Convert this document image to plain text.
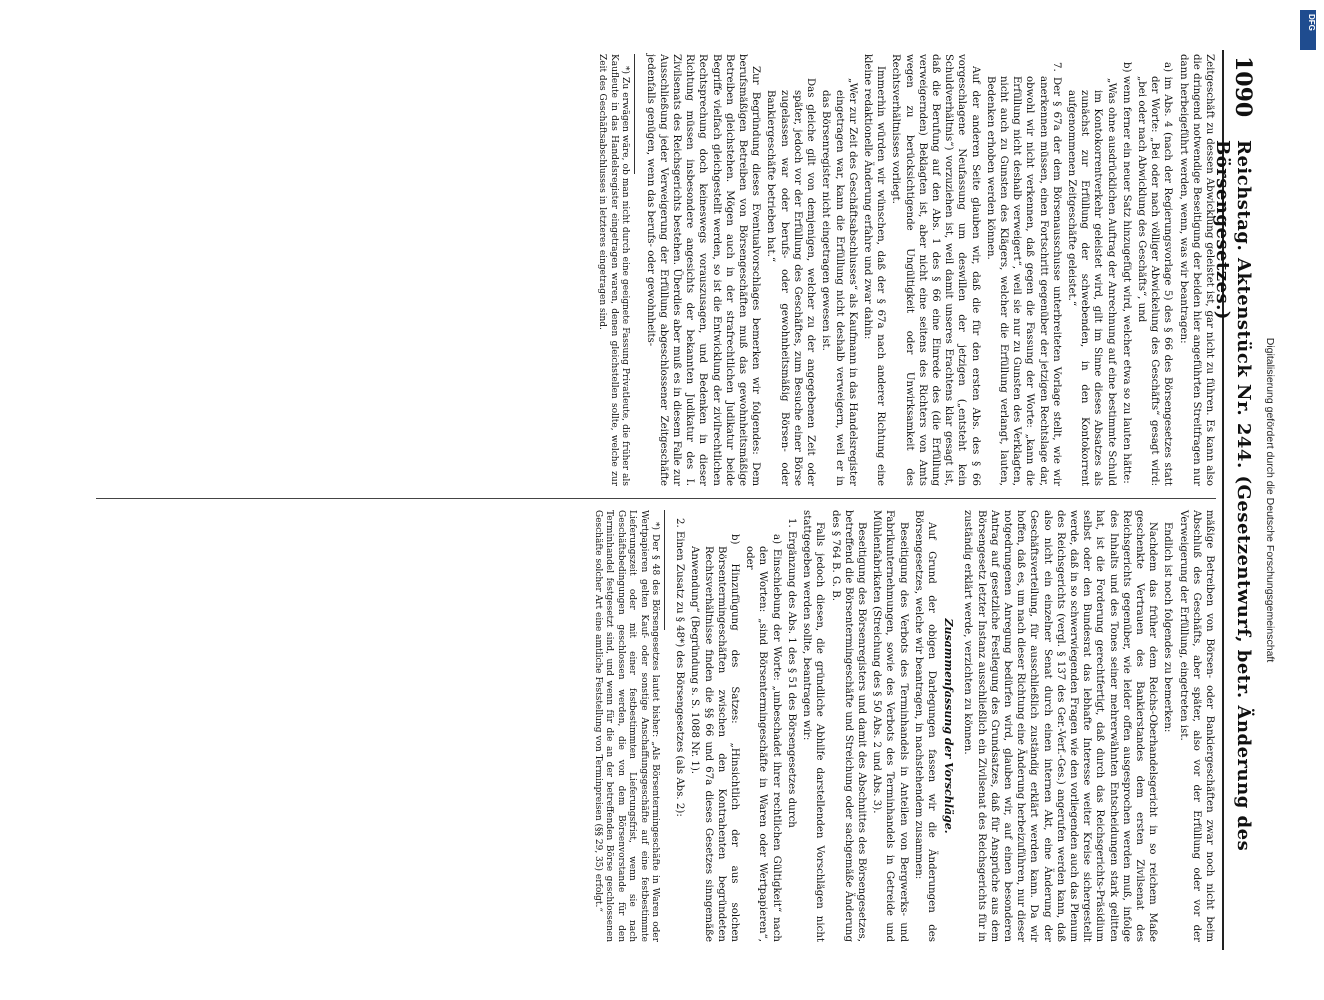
1090
Reichstag. Aktenstück Nr. 244. (Gesetzentwurf, betr. Änderung des Börsengesetzes.)

Zeitgeschäft zu dessen Abwicklung geleistet ist, gar nicht zu führen. Es kann also die dringend notwendige Beseitigung der beiden hier angeführten Streitfragen nur dann herbeigeführt werden, wenn, was wir beantragen:

a) im Abs. 4 (nach der Regierungsvorlage 5) des § 66 des Börsengesetzes statt der Worte: „Bei oder nach völliger Abwickelung des Geschäfts“ gesagt wird: „bei oder nach Abwicklung des Geschäfts“, und

b) wenn ferner ein neuer Satz hinzugefügt wird, welcher etwa so zu lauten hätte:

„Was ohne ausdrücklichen Auftrag der Anrechnung auf eine bestimmte Schuld im Kontokorrentverkehr geleistet wird, gilt im Sinne dieses Absatzes als zunächst zur Erfüllung der schwebenden, in den Kontokorrent aufgenommenen Zeitgeschäfte geleistet.“

7. Der § 67a der dem Börsenausschusse unterbreiteten Vorlage stellt, wie wir anerkennen müssen, einen Fortschritt gegenüber der jetzigen Rechtslage dar, obwohl wir nicht verkennen, daß gegen die Fassung der Worte: „kann die Erfüllung nicht deshalb verweigert“, weil sie nur zu Gunsten des Verklagten, nicht auch zu Gunsten des Klägers, welcher die Erfüllung verlangt, lauten, Bedenken erhoben werden können.

Auf der anderen Seite glauben wir, daß die für den ersten Abs. des § 66 vorgeschlagene Neufassung um deswillen der jetzigen („entsteht kein Schuldverhältnis“) vorzuziehen ist, weil damit unseres Erachtens klar gesagt ist, daß die Berufung auf den Abs. 1 des § 66 eine Einrede des (die Erfüllung verweigernden) Beklagten ist, aber nicht eine seitens des Richters von Amts wegen zu berücksichtigende Ungültigkeit oder Unwirksamkeit des Rechtsverhältnisses vorliegt.

Immerhin würden wir wünschen, daß der § 67a nach anderer Richtung eine kleine redaktionelle Änderung erfahre und zwar dahin:

„Wer zur Zeit des Geschäftsabschlusses“ als Kaufmann in das Handelsregister eingetragen war, kann die Erfüllung nicht deshalb verweigern, weil er in das Börsenregister nicht eingetragen gewesen ist.

Das gleiche gilt von demjenigen, welcher zu der angegebenen Zeit oder später, jedoch vor der Erfüllung des Geschäftes, zum Besuche einer Börse zugelassen war oder berufs- oder gewohnheitsmäßig Börsen- oder Bankiergeschäfte betrieben hat.“

Zur Begründung dieses Eventualvorschlages bemerken wir folgendes: Dem berufsmäßigen Betreiben von Börsengeschäften muß das gewohnheitsmäßige Betreiben gleichstehen. Mögen auch in der strafrechtlichen Judikatur beide Begriffe vielfach gleichgestellt werden, so ist die Entwicklung der zivilrechtlichen Rechtsprechung doch keineswegs vorauszusagen, und Bedenken in dieser Richtung müssen insbesondere angesichts der bekannten Judikatur des I. Zivilsenats des Reichsgerichts bestehen. Überdies aber muß es in diesem Falle zur Ausschließung jeder Verweigerung der Erfüllung abgeschlossener Zeitgeschäfte jedenfalls genügen, wenn das berufs- oder gewohnheits-

*) Zu erwägen wäre, ob man nicht durch eine geeignete Fassung Privatleute, die früher als Kaufleute in das Handelsregister eingetragen waren, denen gleichstellen sollte, welche zur Zeit des Geschäftsabschlusses in letzteres eingetragen sind.

mäßige Betreiben von Börsen- oder Bankiergeschäften zwar noch nicht beim Abschluß des Geschäfts, aber später, also vor der Erfüllung oder vor der Verweigerung der Erfüllung, eingetreten ist.

Endlich ist noch folgendes zu bemerken:

Nachdem das früher dem Reichs-Oberhandelsgericht in so reichem Maße geschenkte Vertrauen des Bankierstandes dem ersten Zivilsenat des Reichsgerichts gegenüber, wie leider offen ausgesprochen werden muß, infolge des Inhalts und des Tones seiner mehrerwähnten Entscheidungen stark gelitten hat, ist die Forderung gerechtfertigt, daß durch das Reichsgerichts-Präsidium selbst oder den Bundesrat das lebhafte Interesse weiter Kreise sichergestellt werde, daß in so schwerwiegenden Fragen wie den vorliegenden auch das Plenum des Reichsgerichts (vergl. § 137 des Ger.-Verf.-Ges.) angerufen werden kann, daß also nicht ein einzelner Senat durch einen internen Akt, eine Änderung der Geschäftsverteilung, für ausschließlich zuständig erklärt werden kann. Da wir hoffen, daß es, um nach dieser Richtung eine Änderung herbeizuführen, nur dieser notgedrungenen Anregung bedürfen wird, glauben wir, auf einen besonderen Antrag auf gesetzliche Festlegung des Grundsatzes, daß für Ansprüche aus dem Börsengesetz letzter Instanz ausschließlich ein Zivilsenat des Reichsgerichts für in zuständig erklärt werde, verzichten zu können.

Zusammenfassung der Vorschläge.

Auf Grund der obigen Darlegungen fassen wir die Änderungen des Börsengesetzes, welche wir beantragen, in nachstehendem zusammen:

Beseitigung des Verbots des Terminhandels in Anteilen von Bergwerks- und Fabrikunternehmungen, sowie des Verbots des Terminhandels in Getreide und Mühlenfabrikaten (Streichung des § 50 Abs. 2 und Abs. 3).

Beseitigung des Börsenregisters und damit des Abschnittes des Börsengesetzes, betreffend die Börsentermingeschäfte und Streichung oder sachgemäße Änderung des § 764 B. G. B.

Falls jedoch diesen, die gründliche Abhilfe darstellenden Vorschlägen nicht stattgegeben werden sollte, beantragen wir:

1. Ergänzung des Abs. 1 des § 51 des Börsengesetzes durch

a) Einschiebung der Worte: „unbeschadet ihrer rechtlichen Gültigkeit“ nach den Worten: „sind Börsentermingeschäfte in Waren oder Wertpapieren“, oder

b) Hinzufügung des Satzes: „Hinsichtlich der aus solchen Börsentermingeschäften zwischen den Kontrahenten begründeten Rechtsverhältnisse finden die §§ 66 und 67a dieses Gesetzes sinngemäße Anwendung“ (Begründung s. S. 1088 Nr. 1).

2. Einen Zusatz zu § 48*) des Börsengesetzes (als Abs. 2):

*) Der § 48 des Börsengesetzes lautet bisher: „Als Börsentermingeschäfte in Waren oder Wertpapieren gelten Kauf- oder sonstige Anschaffungsgeschäfte auf eine festbestimmte Lieferungszeit oder mit einer festbestimmten Lieferungsfrist, wenn sie nach Geschäftsbedingungen geschlossen werden, die von dem Börsenvorstande für den Terminhandel festgesetzt sind, und wenn für die an der betreffenden Börse geschlossenen Geschäfte solcher Art eine amtliche Feststellung von Terminpreisen (§§ 29, 35) erfolgt.“

Digitalisierung gefördert durch die Deutsche Forschungsgemeinschaft
DFG
